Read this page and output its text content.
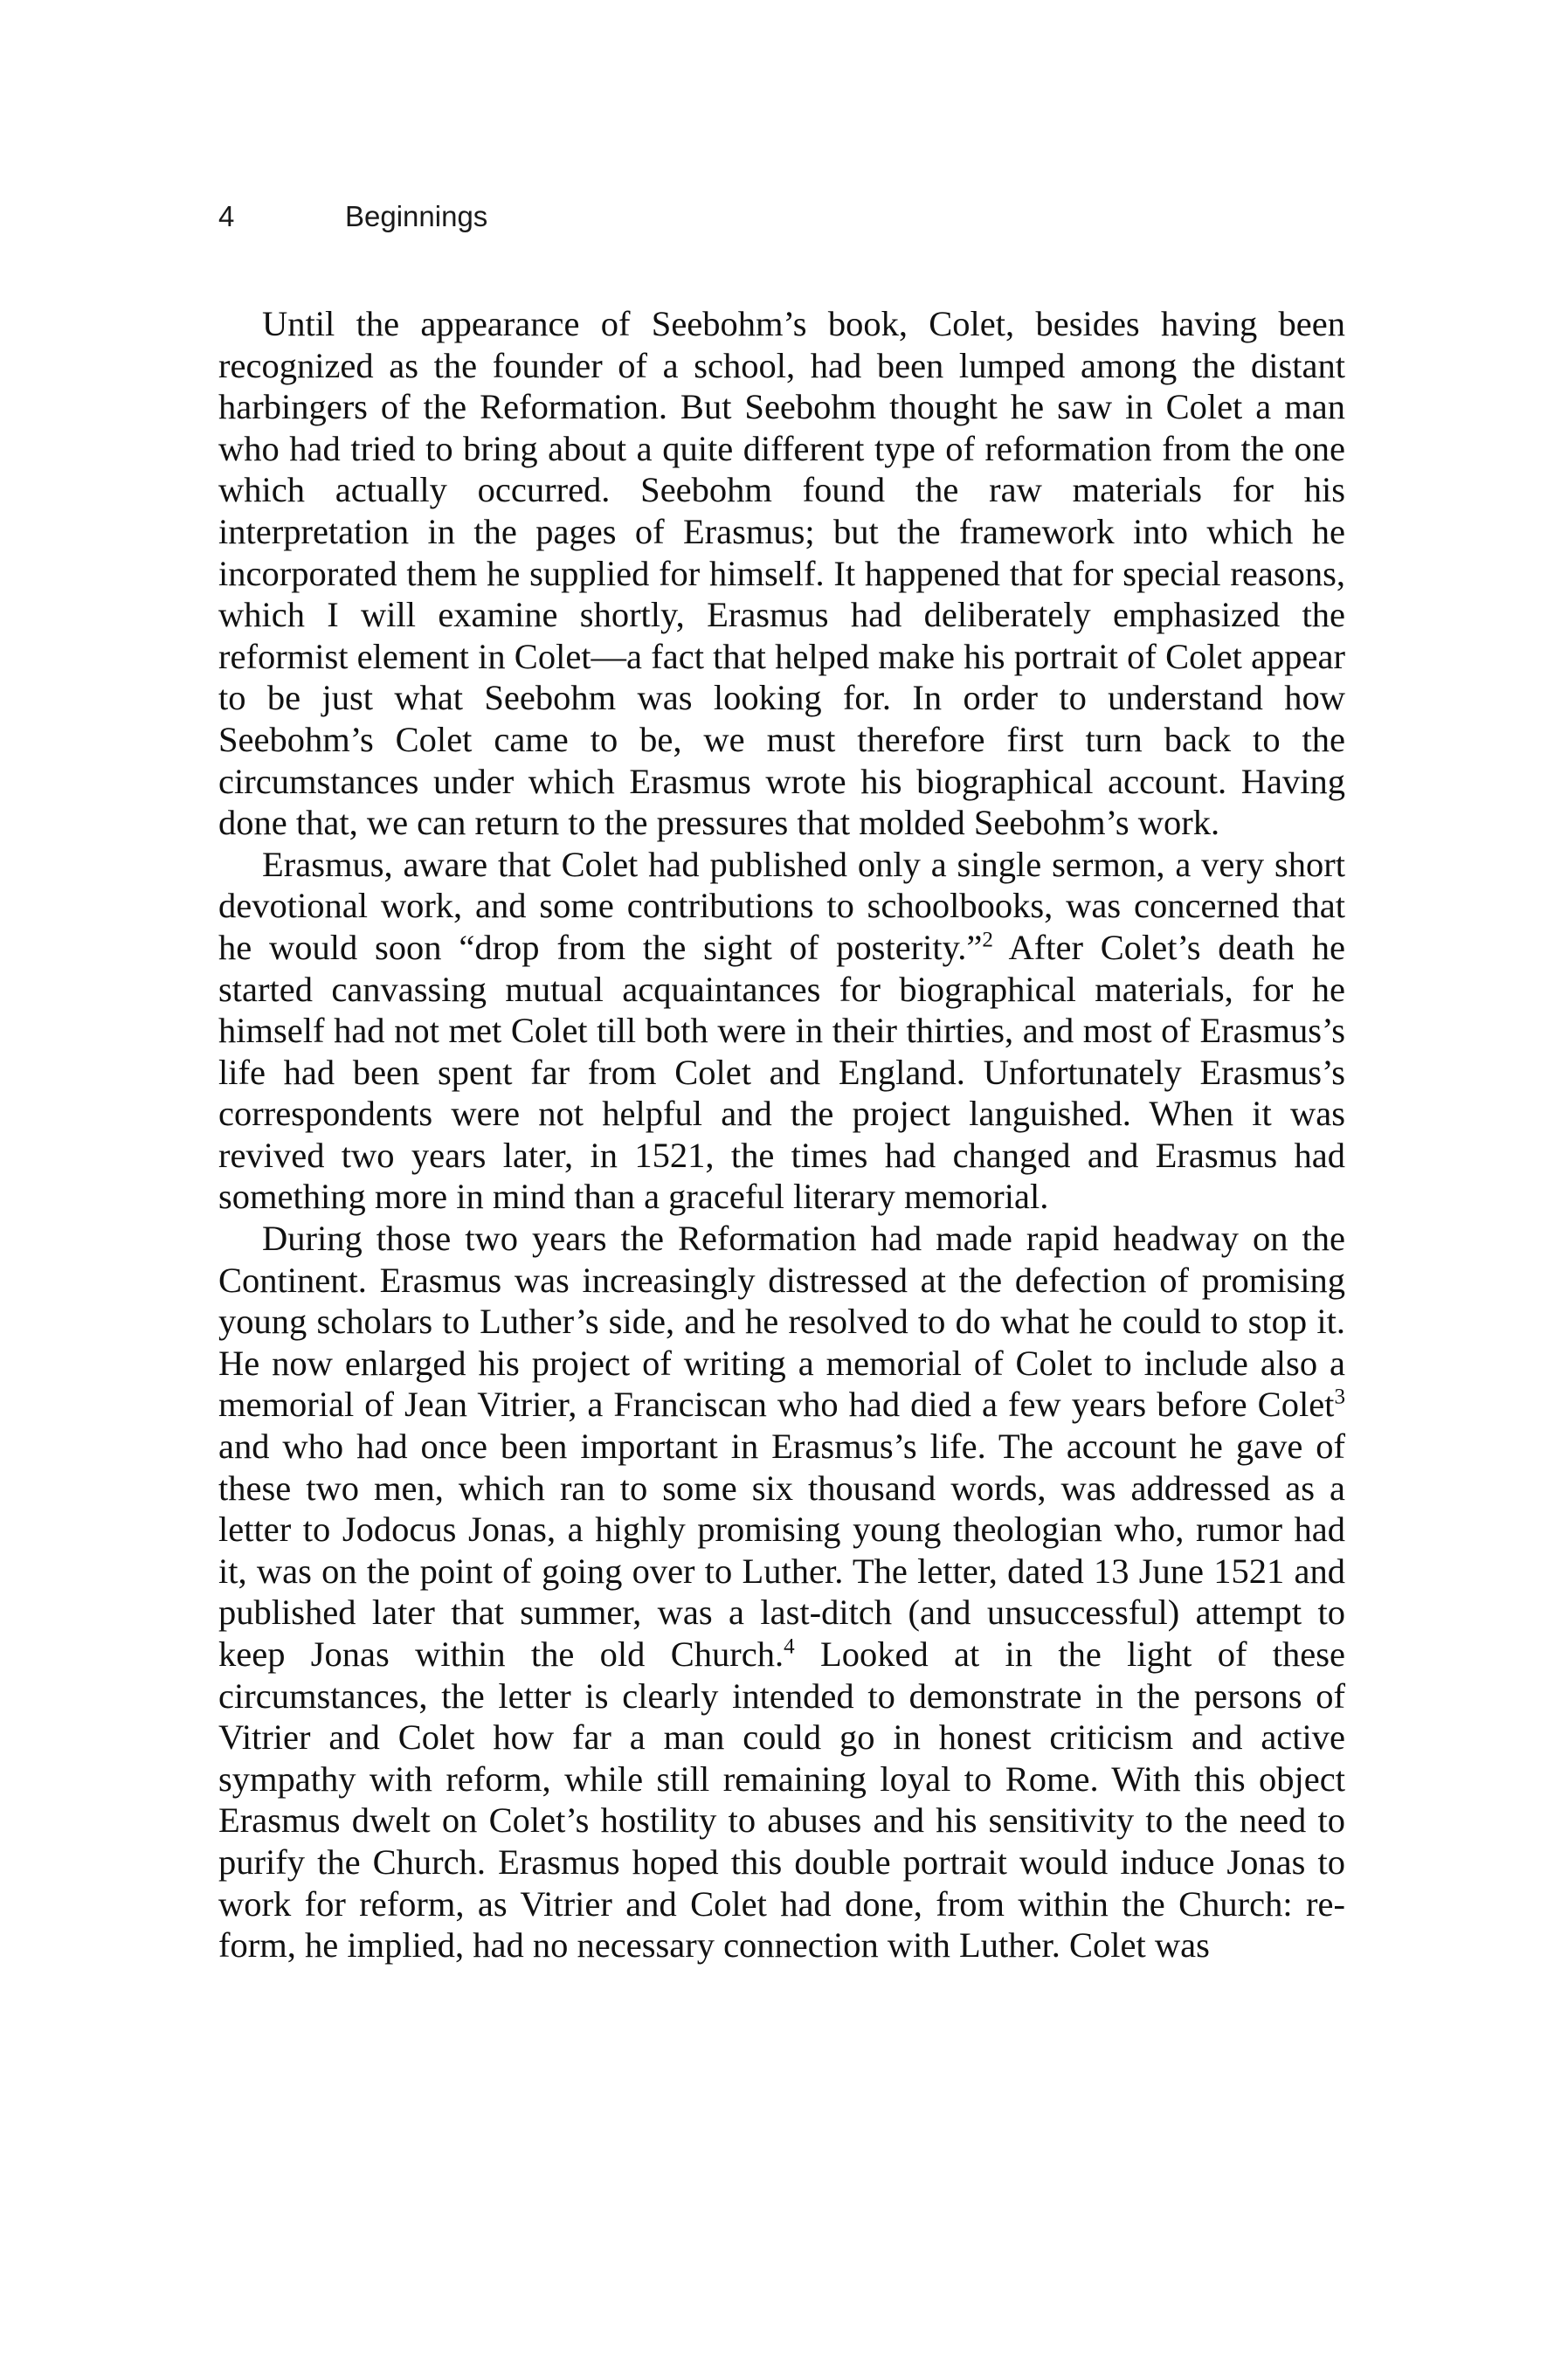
4	Beginnings

Until the appearance of Seebohm’s book, Colet, besides having been recognized as the founder of a school, had been lumped among the distant harbingers of the Reformation. But Seebohm thought he saw in Colet a man who had tried to bring about a quite different type of reformation from the one which actually occurred. Seebohm found the raw materials for his interpretation in the pages of Erasmus; but the framework into which he incorporated them he supplied for himself. It happened that for special reasons, which I will examine shortly, Erasmus had deliberately emphasized the reformist element in Colet—a fact that helped make his portrait of Colet appear to be just what Seebohm was looking for. In order to understand how Seebohm’s Colet came to be, we must therefore first turn back to the circumstances under which Erasmus wrote his biographical account. Having done that, we can return to the pressures that molded Seebohm’s work.

Erasmus, aware that Colet had published only a single sermon, a very short devotional work, and some contributions to schoolbooks, was concerned that he would soon “drop from the sight of posterity.”$^2$ After Colet’s death he started canvassing mutual acquaintances for biographical materials, for he himself had not met Colet till both were in their thirties, and most of Erasmus’s life had been spent far from Colet and England. Unfortunately Erasmus’s correspondents were not helpful and the project languished. When it was revived two years later, in 1521, the times had changed and Erasmus had something more in mind than a graceful literary memorial.

During those two years the Reformation had made rapid headway on the Continent. Erasmus was increasingly distressed at the defection of promising young scholars to Luther’s side, and he resolved to do what he could to stop it. He now enlarged his project of writing a memorial of Colet to include also a memorial of Jean Vitrier, a Franciscan who had died a few years before Colet$^3$ and who had once been important in Erasmus’s life. The account he gave of these two men, which ran to some six thousand words, was addressed as a letter to Jodocus Jonas, a highly promising young theologian who, rumor had it, was on the point of going over to Luther. The letter, dated 13 June 1521 and published later that summer, was a last-ditch (and unsuccessful) attempt to keep Jonas within the old Church.$^4$ Looked at in the light of these circumstances, the letter is clearly intended to demonstrate in the persons of Vitrier and Colet how far a man could go in honest criticism and active sympathy with reform, while still remaining loyal to Rome. With this object Erasmus dwelt on Colet’s hostility to abuses and his sensitivity to the need to purify the Church. Erasmus hoped this double portrait would induce Jonas to work for reform, as Vitrier and Colet had done, from within the Church: reform, he implied, had no necessary connection with Luther. Colet was
